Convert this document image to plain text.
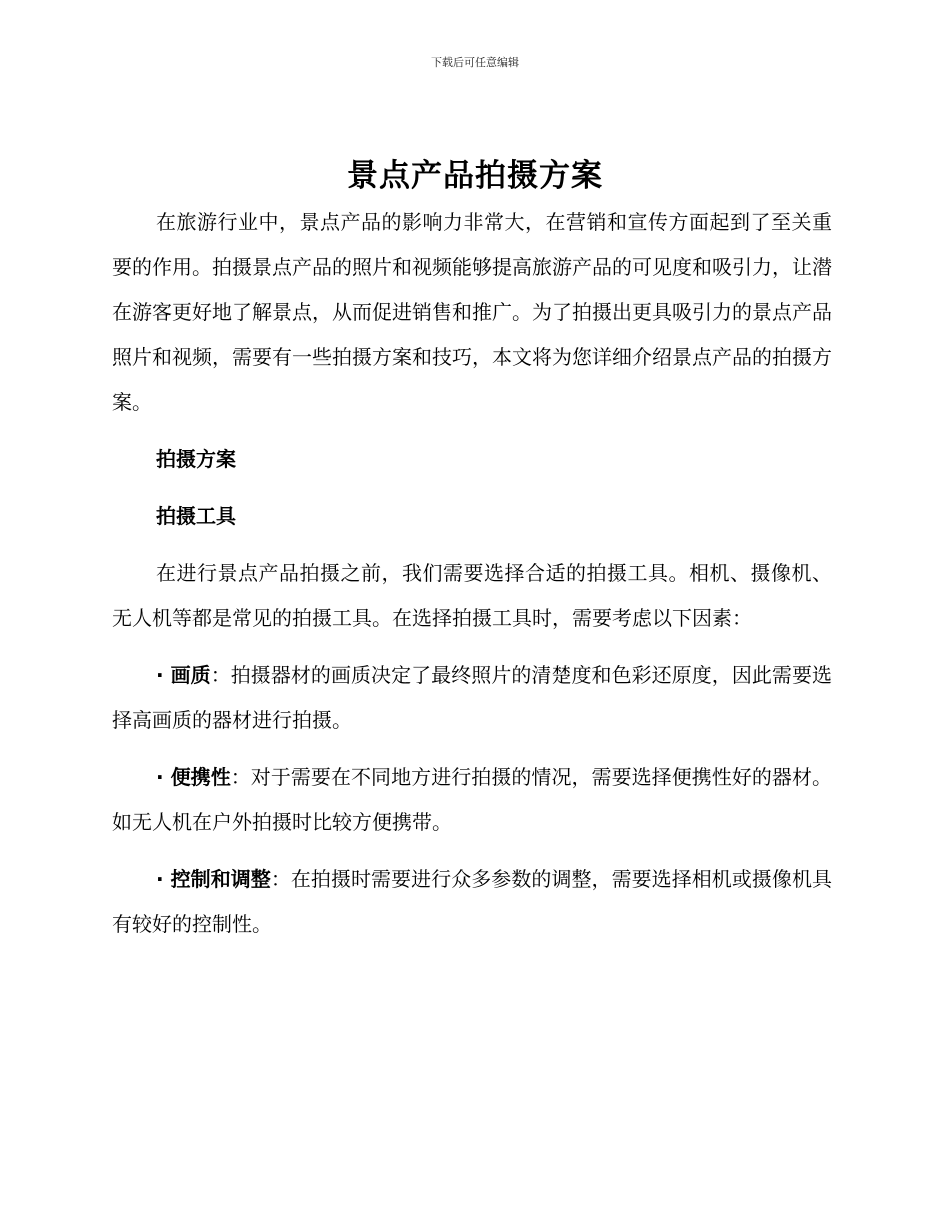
下载后可任意编辑
景点产品拍摄方案

在旅游行业中，景点产品的影响力非常大，在营销和宣传方面起到了至关重要的作用。拍摄景点产品的照片和视频能够提高旅游产品的可见度和吸引力，让潜在游客更好地了解景点，从而促进销售和推广。为了拍摄出更具吸引力的景点产品照片和视频，需要有一些拍摄方案和技巧，本文将为您详细介绍景点产品的拍摄方案。

拍摄方案

拍摄工具

在进行景点产品拍摄之前，我们需要选择合适的拍摄工具。相机、摄像机、无人机等都是常见的拍摄工具。在选择拍摄工具时，需要考虑以下因素：

· 画质：拍摄器材的画质决定了最终照片的清楚度和色彩还原度，因此需要选择高画质的器材进行拍摄。

· 便携性：对于需要在不同地方进行拍摄的情况，需要选择便携性好的器材。如无人机在户外拍摄时比较方便携带。

· 控制和调整：在拍摄时需要进行众多参数的调整，需要选择相机或摄像机具有较好的控制性。
